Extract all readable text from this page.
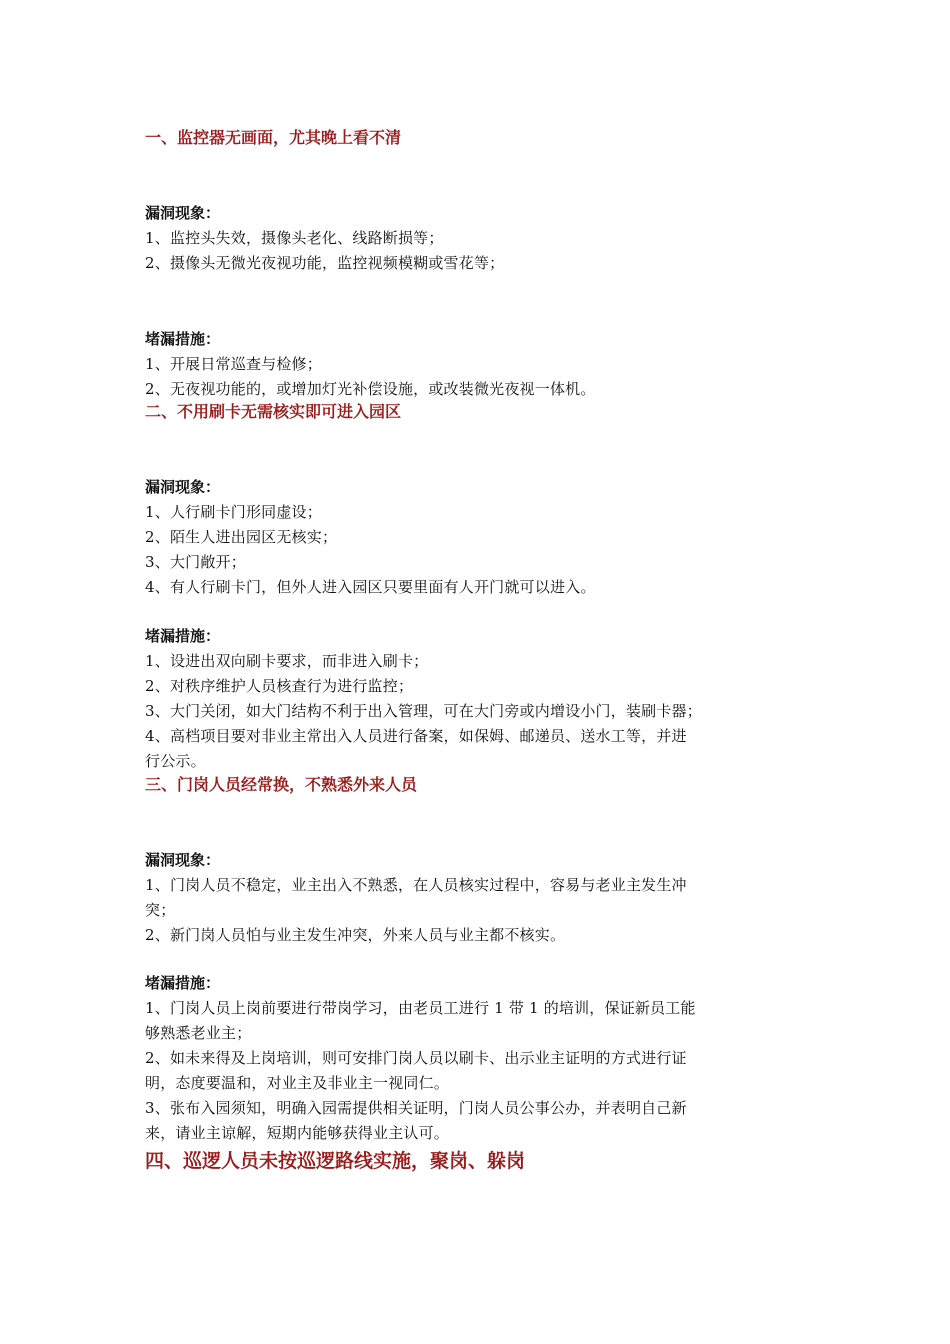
一、监控器无画面，尤其晚上看不清

漏洞现象：

1、监控头失效，摄像头老化、线路断损等；

2、摄像头无微光夜视功能，监控视频模糊或雪花等；

堵漏措施：

1、开展日常巡查与检修；

2、无夜视功能的，或增加灯光补偿设施，或改装微光夜视一体机。

二、不用刷卡无需核实即可进入园区

漏洞现象：

1、人行刷卡门形同虚设；

2、陌生人进出园区无核实；

3、大门敞开；

4、有人行刷卡门，但外人进入园区只要里面有人开门就可以进入。

堵漏措施：

1、设进出双向刷卡要求，而非进入刷卡；

2、对秩序维护人员核查行为进行监控；

3、大门关闭，如大门结构不利于出入管理，可在大门旁或内增设小门，装刷卡器；

4、高档项目要对非业主常出入人员进行备案，如保姆、邮递员、送水工等，并进

行公示。

三、门岗人员经常换，不熟悉外来人员

漏洞现象：

1、门岗人员不稳定，业主出入不熟悉，在人员核实过程中，容易与老业主发生冲

突；

2、新门岗人员怕与业主发生冲突，外来人员与业主都不核实。

堵漏措施：

1、门岗人员上岗前要进行带岗学习，由老员工进行 1 带 1 的培训，保证新员工能

够熟悉老业主；

2、如未来得及上岗培训，则可安排门岗人员以刷卡、出示业主证明的方式进行证

明，态度要温和，对业主及非业主一视同仁。

3、张布入园须知，明确入园需提供相关证明，门岗人员公事公办，并表明自己新

来，请业主谅解，短期内能够获得业主认可。

四、巡逻人员未按巡逻路线实施，聚岗、躲岗
